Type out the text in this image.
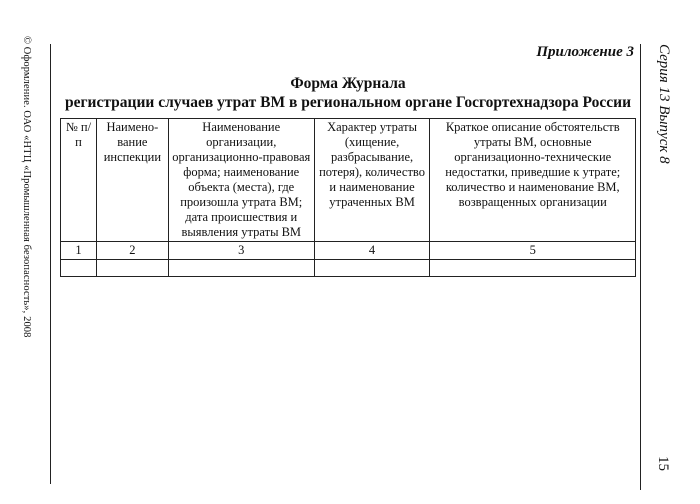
© Оформление. ОАО «НТЦ «Промышленная безопасность», 2008	Серия 13 Выпуск 8
15
Приложение 3
Форма Журнала
регистрации случаев утрат ВМ в региональном органе Госгортехнадзора России
№ п/п	Наимено-вание инспекции	Наименование организации, организационно-правовая форма; наименование объекта (места), где произошла утрата ВМ; дата происшествия и выявления утраты ВМ	Характер утраты (хищение, разбрасывание, потеря), количество и наименование утраченных ВМ	Краткое описание обстоятельств утраты ВМ, основные организационно-технические недостатки, приведшие к утрате; количество и наименование ВМ, возвращенных организации
1	2	3	4	5
